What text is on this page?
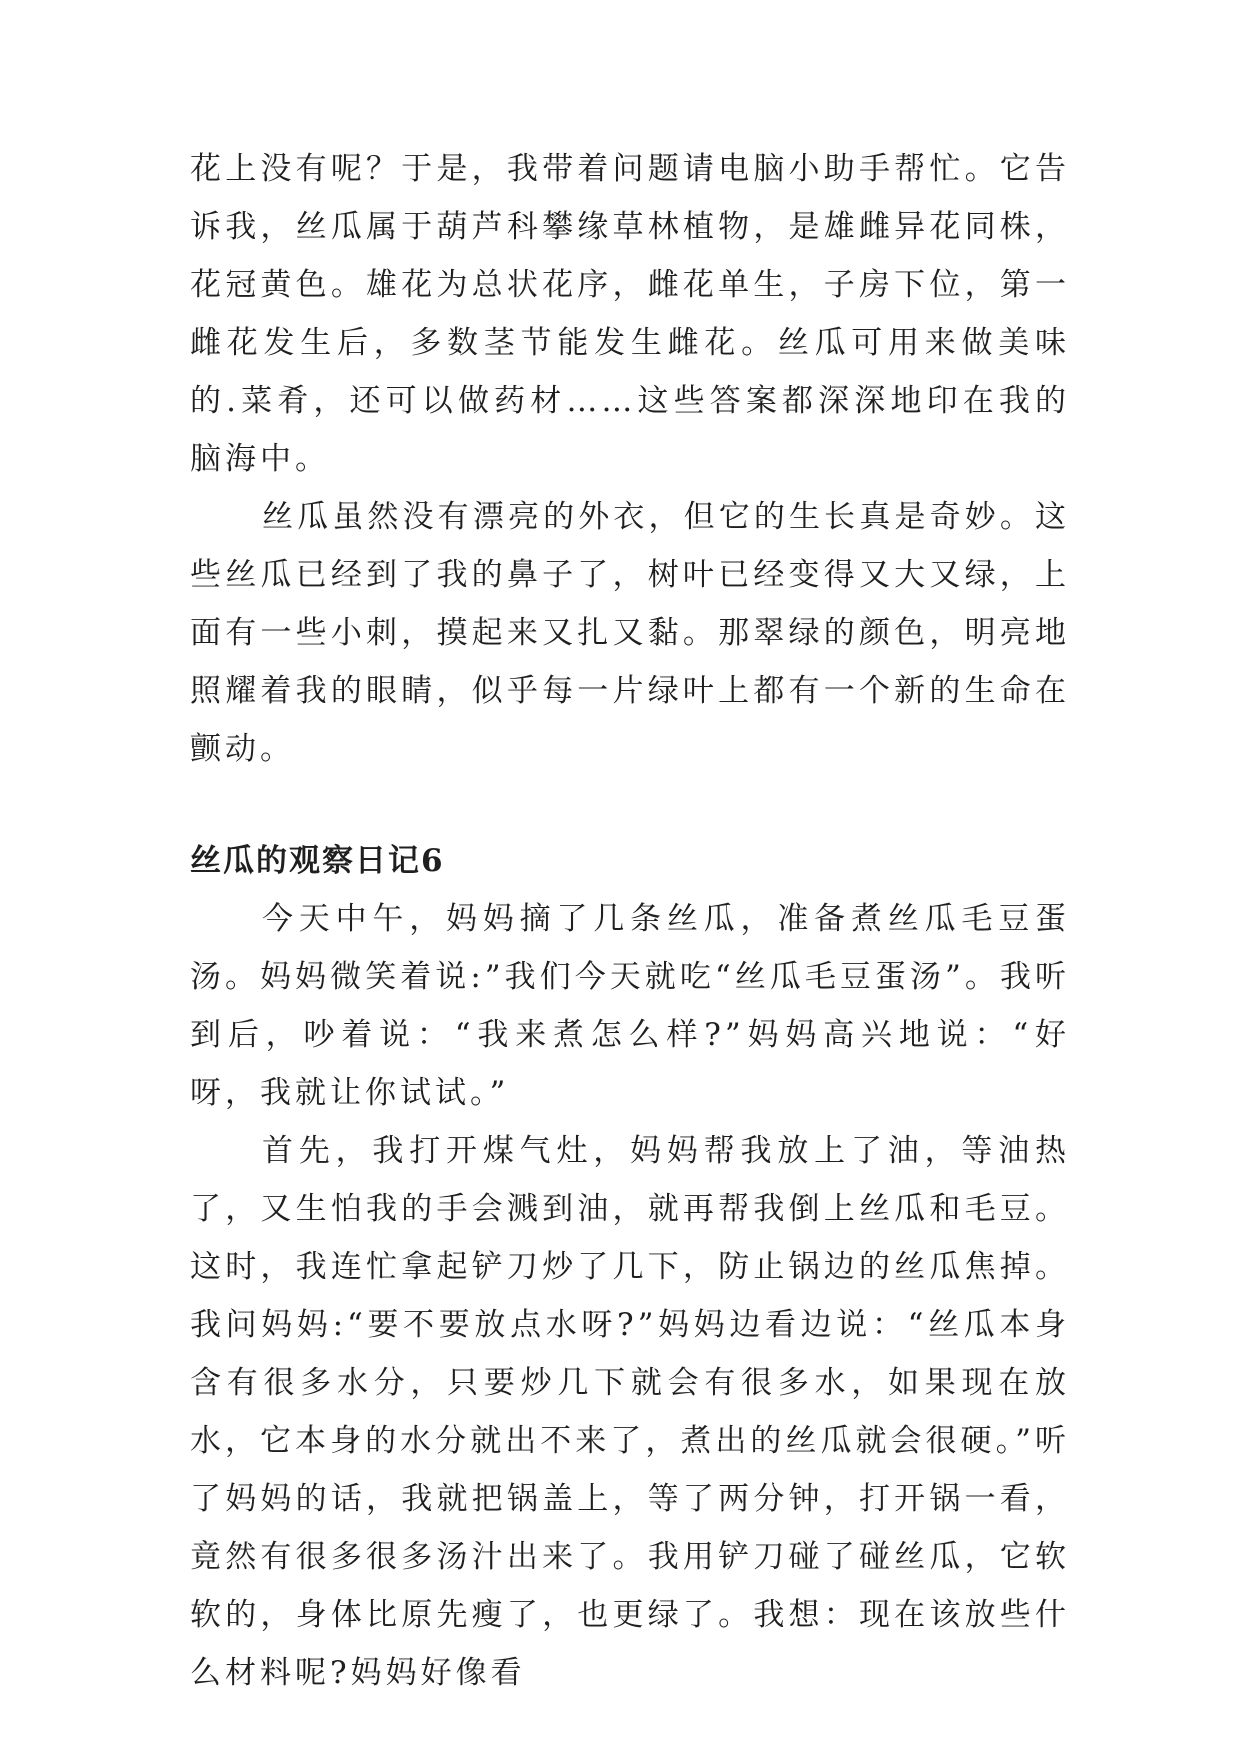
花上没有呢？于是，我带着问题请电脑小助手帮忙。它告诉我，丝瓜属于葫芦科攀缘草林植物，是雄雌异花同株，花冠黄色。雄花为总状花序，雌花单生，子房下位，第一雌花发生后，多数茎节能发生雌花。丝瓜可用来做美味的.菜肴，还可以做药材……这些答案都深深地印在我的脑海中。

丝瓜虽然没有漂亮的外衣，但它的生长真是奇妙。这些丝瓜已经到了我的鼻子了，树叶已经变得又大又绿，上面有一些小刺，摸起来又扎又黏。那翠绿的颜色，明亮地照耀着我的眼睛，似乎每一片绿叶上都有一个新的生命在颤动。

丝瓜的观察日记6

今天中午，妈妈摘了几条丝瓜，准备煮丝瓜毛豆蛋汤。妈妈微笑着说:”我们今天就吃“丝瓜毛豆蛋汤”。我听到后，吵着说：“我来煮怎么样?”妈妈高兴地说：“好呀，我就让你试试。”

首先，我打开煤气灶，妈妈帮我放上了油，等油热了，又生怕我的手会溅到油，就再帮我倒上丝瓜和毛豆。这时，我连忙拿起铲刀炒了几下，防止锅边的丝瓜焦掉。我问妈妈:“要不要放点水呀?”妈妈边看边说：“丝瓜本身含有很多水分，只要炒几下就会有很多水，如果现在放水，它本身的水分就出不来了，煮出的丝瓜就会很硬。”听了妈妈的话，我就把锅盖上，等了两分钟，打开锅一看，竟然有很多很多汤汁出来了。我用铲刀碰了碰丝瓜，它软软的，身体比原先瘦了，也更绿了。我想：现在该放些什么材料呢?妈妈好像看
